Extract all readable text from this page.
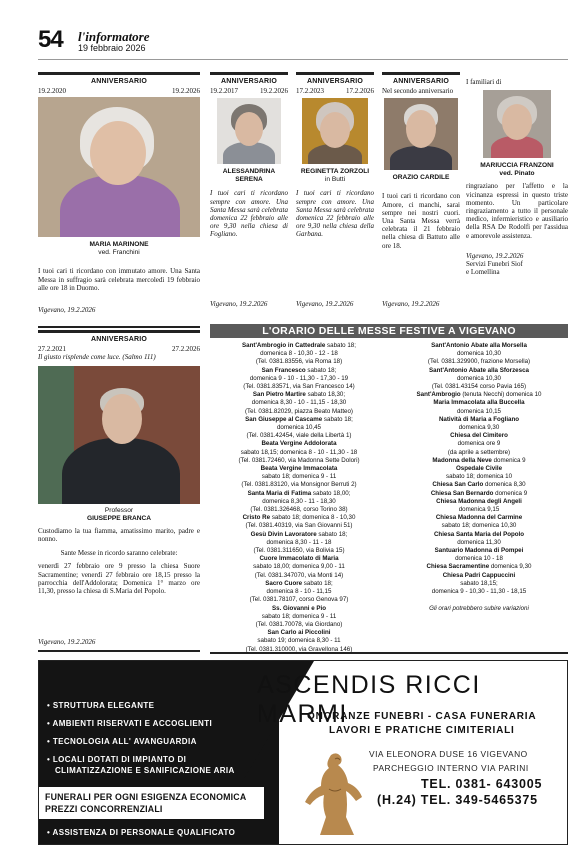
54 l'informatore
19 febbraio 2026
ANNIVERSARIO
19.2.2020	19.2.2026
MARIA MARINONE
ved. Franchini
I tuoi cari ti ricordano con immutato amore. Una Santa Messa in suffragio sarà celebrata mercoledì 19 febbraio alle ore 18 in Duomo.
Vigevano, 19.2.2026
ANNIVERSARIO
19.2.2017	19.2.2026
ALESSANDRINA
SERENA
I tuoi cari ti ricordano sempre con amore. Una Santa Messa sarà celebrata domenica 22 febbraio alle ore 9,30 nella chiesa di Fogliano.
Vigevano, 19.2.2026
ANNIVERSARIO
17.2.2023	17.2.2026
REGINETTA ZORZOLI
in Butti
I tuoi cari ti ricordano sempre con amore. Una Santa Messa sarà celebrata domenica 22 febbraio alle ore 9,30 nella chiesa della Garbana.
Vigevano, 19.2.2026
ANNIVERSARIO
Nel secondo anniversario
ORAZIO CARDILE
I tuoi cari ti ricordano con Amore, ci manchi, sarai sempre nei nostri cuori. Una Santa Messa verrà celebrata il 21 febbraio nella chiesa di Battuto alle ore 18.
Vigevano, 19.2.2026
I familiari di
MARIUCCIA FRANZONI
ved. Pinato
ringraziano per l'affetto e la vicinanza espressi in questo triste momento. Un particolare ringraziamento a tutto il personale medico, infermieristico e ausiliario della RSA De Rodolfi per l'assidua e amorevole assistenza.
Vigevano, 19.2.2026
Servizi Funebri Siof
e Lomellina
ANNIVERSARIO
27.2.2021	27.2.2026
Il giusto risplende come luce. (Salmo 111)
Professor
GIUSEPPE BRANCA
Custodiamo la tua fiamma, amatissimo marito, padre e nonno.
Sante Messe in ricordo saranno celebrate:
venerdì 27 febbraio ore 9 presso la chiesa Suore Sacramentine; venerdì 27 febbraio ore 18,15 presso la parrocchia dell'Addolorata; Domenica 1° marzo ore 11,30, presso la chiesa di S.Maria del Popolo.
Vigevano, 19.2.2026
L'ORARIO DELLE MESSE FESTIVE A VIGEVANO
Sant'Ambrogio in Cattedrale sabato 18;
domenica 8 - 10,30 - 12 - 18
(Tel. 0381.83556, via Roma 18)
San Francesco sabato 18;
domenica 9 - 10 - 11,30 - 17,30 - 19
(Tel. 0381.83571, via San Francesco 14)
San Pietro Martire sabato 18,30;
domenica 8,30 - 10 - 11,15 - 18,30
(Tel. 0381.82029, piazza Beato Matteo)
San Giuseppe al Cascame sabato 18;
domenica 10,45
(Tel. 0381.42454, viale della Libertà 1)
Beata Vergine Addolorata
sabato 18,15; domenica 8 - 10 - 11,30 - 18
(Tel. 0381.72460, via Madonna Sette Dolori)
Beata Vergine Immacolata
sabato 18; domenica 9 - 11
(Tel. 0381.83120, via Monsignor Berruti 2)
Santa Maria di Fatima sabato 18,00;
domenica 8,30 - 11 - 18,30
(Tel. 0381.326468, corso Torino 38)
Cristo Re sabato 18; domenica 8 - 10,30
(Tel. 0381.40319, via San Giovanni 51)
Gesù Divin Lavoratore sabato 18;
domenica 8,30 - 11 - 18
(Tel. 0381.311650, via Bolivia 15)
Cuore Immacolato di Maria
sabato 18,00; domenica 9,00 - 11
(Tel. 0381.347070, via Monti 14)
Sacro Cuore sabato 18;
domenica 8 - 10 - 11,15
(Tel. 0381.78107, corso Genova 97)
Ss. Giovanni e Pio
sabato 18; domenica 9 - 11
(Tel. 0381.70078, via Giordano)
San Carlo ai Piccolini
sabato 19; domenica 8,30 - 11
(Tel. 0381.310000, via Gravellona 146)
Sant'Antonio Abate alla Morsella
domenica 10,30
(Tel. 0381.329900, frazione Morsella)
Sant'Antonio Abate alla Sforzesca
domenica 10,30
(Tel. 0381.43154 corso Pavia 165)
Sant'Ambrogio (tenuta Necchi) domenica 10
Maria Immacolata alla Buccella
domenica 10,15
Natività di Maria a Fogliano
domenica 9,30
Chiesa del Cimitero
domenica ore 9
(da aprile a settembre)
Madonna della Neve domenica 9
Ospedale Civile
sabato 18; domenica 10
Chiesa San Carlo domenica 8,30
Chiesa San Bernardo domenica 9
Chiesa Madonna degli Angeli
domenica 9,15
Chiesa Madonna del Carmine
sabato 18; domenica 10,30
Chiesa Santa Maria del Popolo
domenica 11,30
Santuario Madonna di Pompei
domenica 10 - 18
Chiesa Sacramentine domenica 9,30
Chiesa Padri Cappuccini
sabato 18,15;
domenica 9 - 10,30 - 11,30 - 18,15

Gli orari potrebbero subire variazioni
• STRUTTURA ELEGANTE
• AMBIENTI RISERVATI E ACCOGLIENTI
• TECNOLOGIA ALL' AVANGUARDIA
• LOCALI DOTATI DI IMPIANTO DI
CLIMATIZZAZIONE E SANIFICAZIONE ARIA
FUNERALI PER OGNI ESIGENZA ECONOMICA
PREZZI CONCORRENZIALI
• ASSISTENZA DI PERSONALE QUALIFICATO
ASCENDIS RICCI MARMI
ONORANZE FUNEBRI - CASA FUNERARIA
LAVORI E PRATICHE CIMITERIALI
VIA ELEONORA DUSE 16 VIGEVANO
PARCHEGGIO INTERNO VIA PARINI
TEL. 0381- 643005
(H.24) TEL. 349-5465375
